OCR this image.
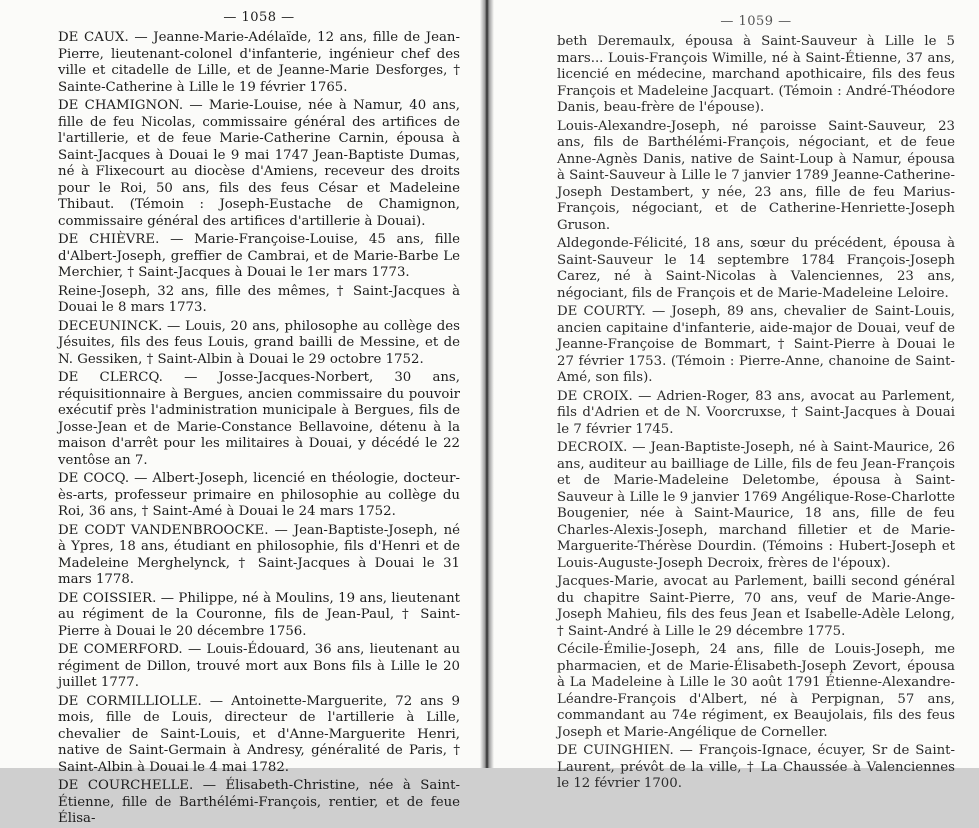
— 1058 —

DE CAUX. — Jeanne-Marie-Adélaïde, 12 ans, fille de Jean-Pierre, lieutenant-colonel d'infanterie, ingénieur chef des ville et citadelle de Lille, et de Jeanne-Marie Desforges, † Sainte-Catherine à Lille le 19 février 1765.

DE CHAMIGNON. — Marie-Louise, née à Namur, 40 ans, fille de feu Nicolas, commissaire général des artifices de l'artillerie, et de feue Marie-Catherine Carnin, épousa à Saint-Jacques à Douai le 9 mai 1747 Jean-Baptiste Dumas, né à Flixecourt au diocèse d'Amiens, receveur des droits pour le Roi, 50 ans, fils des feus César et Madeleine Thibaut. (Témoin : Joseph-Eustache de Chamignon, commissaire général des artifices d'artillerie à Douai).

DE CHIÈVRE. — Marie-Françoise-Louise, 45 ans, fille d'Albert-Joseph, greffier de Cambrai, et de Marie-Barbe Le Merchier, † Saint-Jacques à Douai le 1er mars 1773.

Reine-Joseph, 32 ans, fille des mêmes, † Saint-Jacques à Douai le 8 mars 1773.

DECEUNINCK. — Louis, 20 ans, philosophe au collège des Jésuites, fils des feus Louis, grand bailli de Messine, et de N. Gessiken, † Saint-Albin à Douai le 29 octobre 1752.

DE CLERCQ. — Josse-Jacques-Norbert, 30 ans, réquisitionnaire à Bergues, ancien commissaire du pouvoir exécutif près l'administration municipale à Bergues, fils de Josse-Jean et de Marie-Constance Bellavoine, détenu à la maison d'arrêt pour les militaires à Douai, y décédé le 22 ventôse an 7.

DE COCQ. — Albert-Joseph, licencié en théologie, docteur-ès-arts, professeur primaire en philosophie au collège du Roi, 36 ans, † Saint-Amé à Douai le 24 mars 1752.

DE CODT VANDENBROOCKE. — Jean-Baptiste-Joseph, né à Ypres, 18 ans, étudiant en philosophie, fils d'Henri et de Madeleine Merghelynck, † Saint-Jacques à Douai le 31 mars 1778.

DE COISSIER. — Philippe, né à Moulins, 19 ans, lieutenant au régiment de la Couronne, fils de Jean-Paul, † Saint-Pierre à Douai le 20 décembre 1756.

DE COMERFORD. — Louis-Édouard, 36 ans, lieutenant au régiment de Dillon, trouvé mort aux Bons fils à Lille le 20 juillet 1777.

DE CORMILLIOLLE. — Antoinette-Marguerite, 72 ans 9 mois, fille de Louis, directeur de l'artillerie à Lille, chevalier de Saint-Louis, et d'Anne-Marguerite Henri, native de Saint-Germain à Andresy, généralité de Paris, † Saint-Albin à Douai le 4 mai 1782.

DE COURCHELLE. — Élisabeth-Christine, née à Saint-Étienne, fille de Barthélémi-François, rentier, et de feue Élisa-

— 1059 —

beth Deremaulx, épousa à Saint-Sauveur à Lille le 5 mars... Louis-François Wimille, né à Saint-Étienne, 37 ans, licencié en médecine, marchand apothicaire, fils des feus François et Madeleine Jacquart. (Témoin : André-Théodore Danis, beau-frère de l'épouse).

Louis-Alexandre-Joseph, né paroisse Saint-Sauveur, 23 ans, fils de Barthélémi-François, négociant, et de feue Anne-Agnès Danis, native de Saint-Loup à Namur, épousa à Saint-Sauveur à Lille le 7 janvier 1789 Jeanne-Catherine-Joseph Destambert, y née, 23 ans, fille de feu Marius-François, négociant, et de Catherine-Henriette-Joseph Gruson.

Aldegonde-Félicité, 18 ans, sœur du précédent, épousa à Saint-Sauveur le 14 septembre 1784 François-Joseph Carez, né à Saint-Nicolas à Valenciennes, 23 ans, négociant, fils de François et de Marie-Madeleine Leloire.

DE COURTY. — Joseph, 89 ans, chevalier de Saint-Louis, ancien capitaine d'infanterie, aide-major de Douai, veuf de Jeanne-Françoise de Bommart, † Saint-Pierre à Douai le 27 février 1753. (Témoin : Pierre-Anne, chanoine de Saint-Amé, son fils).

DE CROIX. — Adrien-Roger, 83 ans, avocat au Parlement, fils d'Adrien et de N. Voorcruxse, † Saint-Jacques à Douai le 7 février 1745.

DECROIX. — Jean-Baptiste-Joseph, né à Saint-Maurice, 26 ans, auditeur au bailliage de Lille, fils de feu Jean-François et de Marie-Madeleine Deletombe, épousa à Saint-Sauveur à Lille le 9 janvier 1769 Angélique-Rose-Charlotte Bougenier, née à Saint-Maurice, 18 ans, fille de feu Charles-Alexis-Joseph, marchand filletier et de Marie-Marguerite-Thérèse Dourdin. (Témoins : Hubert-Joseph et Louis-Auguste-Joseph Decroix, frères de l'époux).

Jacques-Marie, avocat au Parlement, bailli second général du chapitre Saint-Pierre, 70 ans, veuf de Marie-Ange-Joseph Mahieu, fils des feus Jean et Isabelle-Adèle Lelong, † Saint-André à Lille le 29 décembre 1775.

Cécile-Émilie-Joseph, 24 ans, fille de Louis-Joseph, me pharmacien, et de Marie-Élisabeth-Joseph Zevort, épousa à La Madeleine à Lille le 30 août 1791 Étienne-Alexandre-Léandre-François d'Albert, né à Perpignan, 57 ans, commandant au 74e régiment, ex Beaujolais, fils des feus Joseph et Marie-Angélique de Corneller.

DE CUINGHIEN. — François-Ignace, écuyer, Sr de Saint-Laurent, prévôt de la ville, † La Chaussée à Valenciennes le 12 février 1700.
